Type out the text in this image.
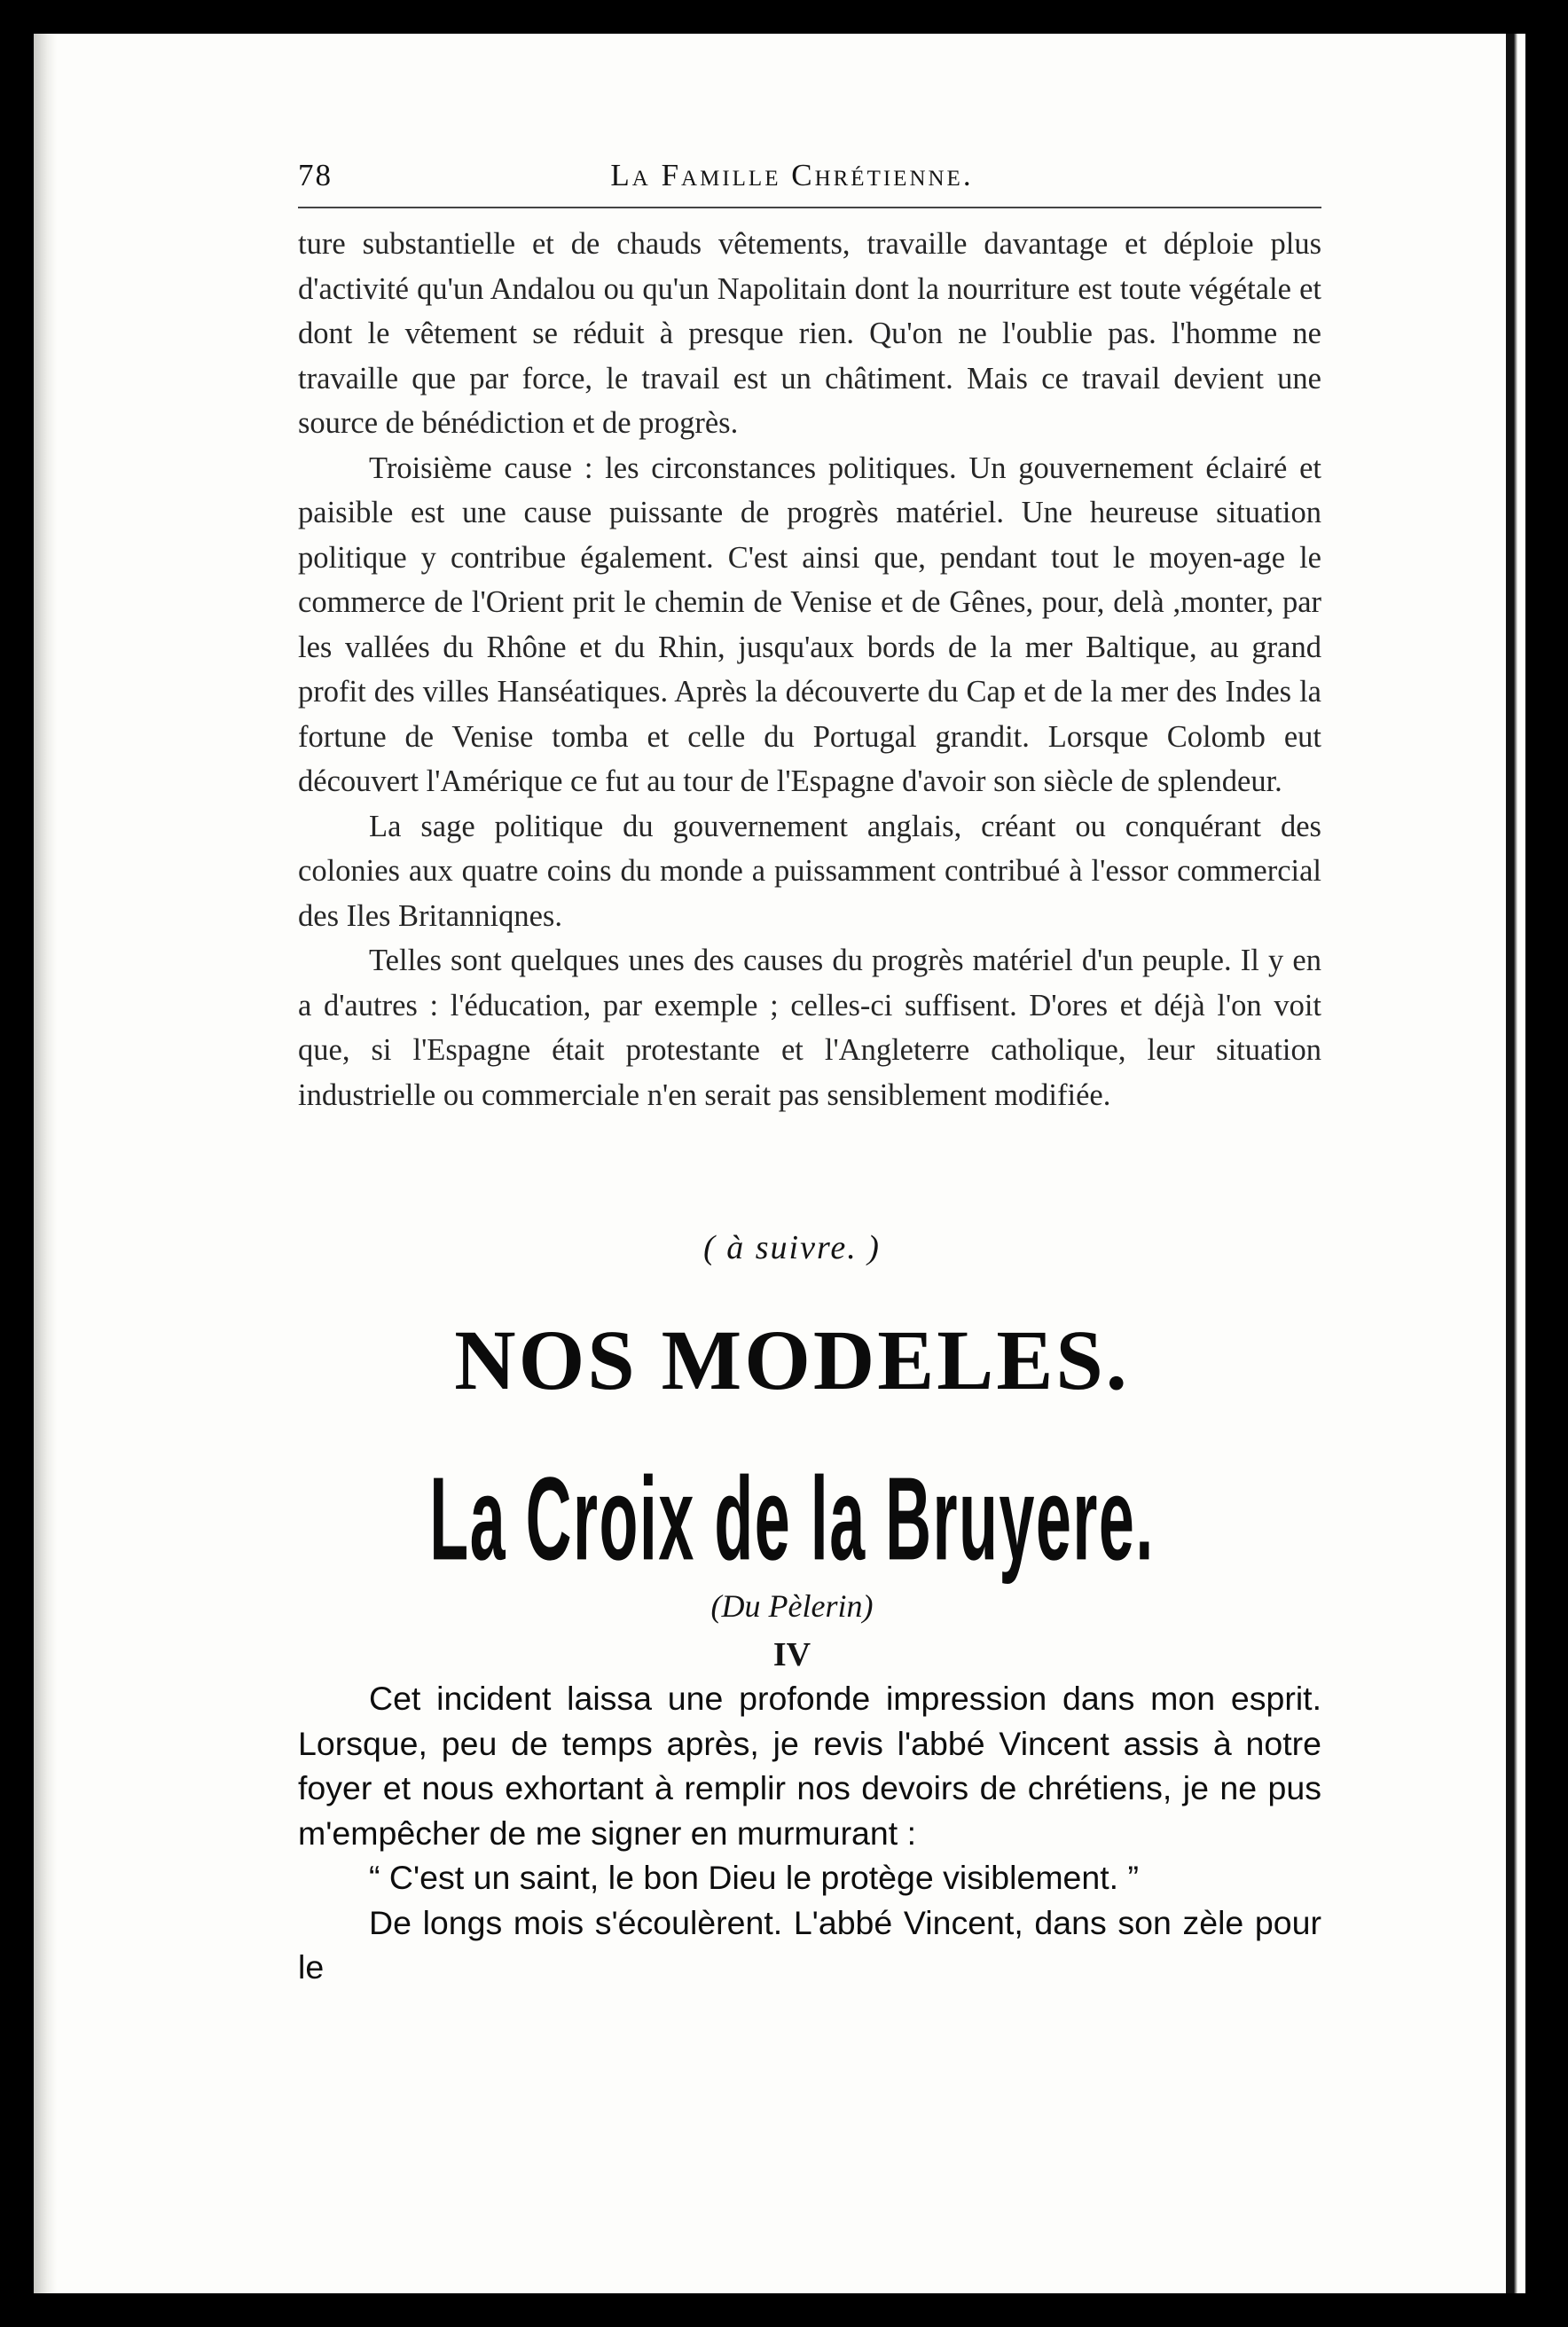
78	La Famille Chrétienne.

ture substantielle et de chauds vêtements, travaille davantage et déploie plus d'activité qu'un Andalou ou qu'un Napolitain dont la nourriture est toute végétale et dont le vêtement se réduit à presque rien. Qu'on ne l'oublie pas. l'homme ne travaille que par force, le travail est un châtiment. Mais ce travail devient une source de bénédiction et de progrès.

Troisième cause : les circonstances politiques. Un gouvernement éclairé et paisible est une cause puissante de progrès matériel. Une heureuse situation politique y contribue également. C'est ainsi que, pendant tout le moyen-age le commerce de l'Orient prit le chemin de Venise et de Gênes, pour, delà ,monter, par les vallées du Rhône et du Rhin, jusqu'aux bords de la mer Baltique, au grand profit des villes Hanséatiques. Après la découverte du Cap et de la mer des Indes la fortune de Venise tomba et celle du Portugal grandit. Lorsque Colomb eut découvert l'Amérique ce fut au tour de l'Espagne d'avoir son siècle de splendeur.

La sage politique du gouvernement anglais, créant ou conquérant des colonies aux quatre coins du monde a puissamment contribué à l'essor commercial des Iles Britanniqnes.

Telles sont quelques unes des causes du progrès matériel d'un peuple. Il y en a d'autres : l'éducation, par exemple ; celles-ci suffisent. D'ores et déjà l'on voit que, si l'Espagne était protestante et l'Angleterre catholique, leur situation industrielle ou commerciale n'en serait pas sensiblement modifiée.

( à suivre. )
NOS MODELES.
La Croix de la Bruyere.
(Du Pèlerin)
IV

Cet incident laissa une profonde impression dans mon esprit. Lorsque, peu de temps après, je revis l'abbé Vincent assis à notre foyer et nous exhortant à remplir nos devoirs de chrétiens, je ne pus m'empêcher de me signer en murmurant :

“ C'est un saint, le bon Dieu le protège visiblement. ”

De longs mois s'écoulèrent. L'abbé Vincent, dans son zèle pour le
